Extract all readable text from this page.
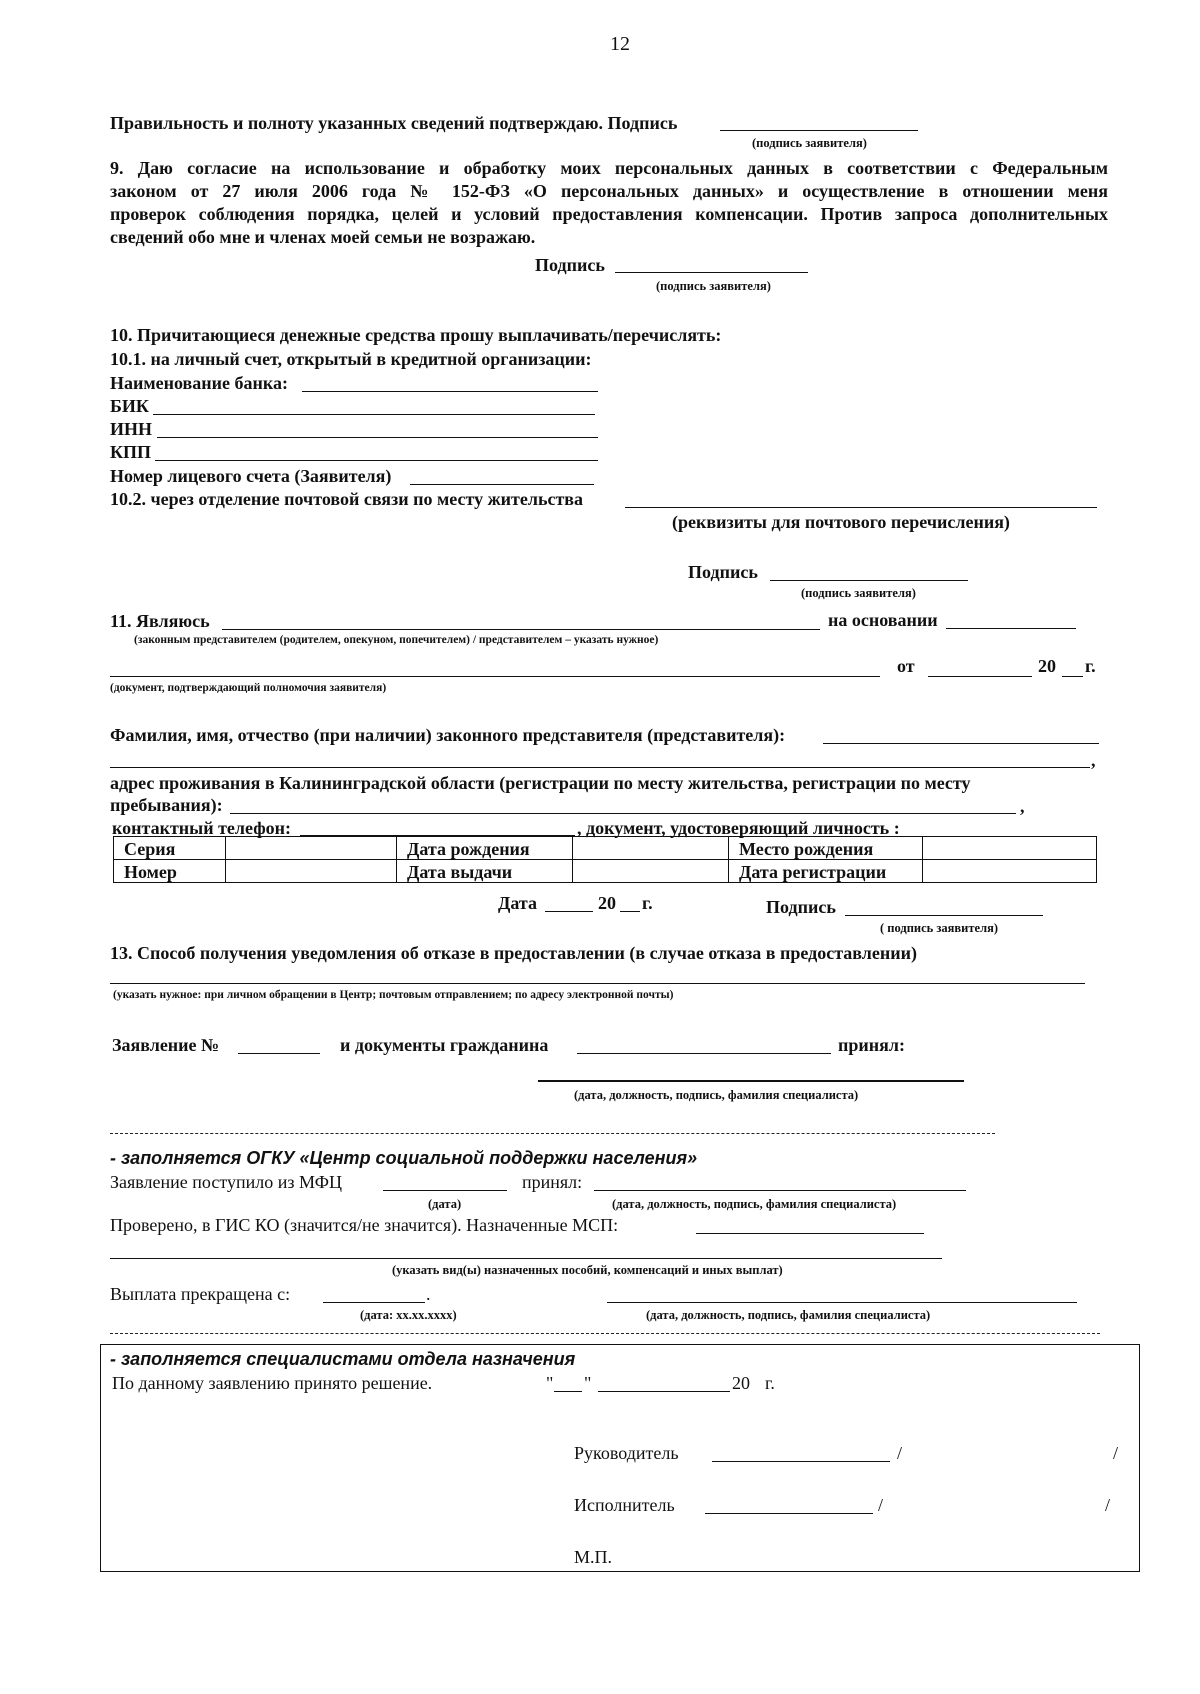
12
Правильность и полноту указанных сведений подтверждаю. Подпись
(подпись заявителя)
9. Даю согласие на использование и обработку моих персональных данных в соответствии с Федеральным
законом от 27 июля 2006 года № 152-ФЗ «О персональных данных» и осуществление в отношении меня
проверок соблюдения порядка, целей и условий предоставления компенсации. Против запроса дополнительных
сведений обо мне и членах моей семьи не возражаю.
Подпись
(подпись заявителя)
10. Причитающиеся денежные средства прошу выплачивать/перечислять:
10.1. на личный счет, открытый в кредитной организации:
Наименование банка:
БИК
ИНН
КПП
Номер лицевого счета (Заявителя)
10.2. через отделение почтовой связи по месту жительства
(реквизиты для почтового перечисления)
Подпись
(подпись заявителя)
11. Являюсь	на основании
(законным представителем (родителем, опекуном, попечителем) / представителем – указать нужное)
от	20 г.
(документ, подтверждающий полномочия заявителя)
Фамилия, имя, отчество (при наличии) законного представителя (представителя):
,
адрес проживания в Калининградской области (регистрации по месту жительства, регистрации по месту
пребывания):	,
контактный телефон:	, документ, удостоверяющий личность :
Серия		Дата рождения		Место рождения	
Номер		Дата выдачи		Дата регистрации	
Дата	20 г.	Подпись
( подпись заявителя)
13. Способ получения уведомления об отказе в предоставлении (в случае отказа в предоставлении)
(указать нужное: при личном обращении в Центр; почтовым отправлением; по адресу электронной почты)
Заявление №	и документы гражданина	принял:
(дата, должность, подпись, фамилия специалиста)
- заполняется ОГКУ «Центр социальной поддержки населения»
Заявление поступило из МФЦ	принял:
(дата)	(дата, должность, подпись, фамилия специалиста)
Проверено, в ГИС КО (значится/не значится). Назначенные МСП:
(указать вид(ы) назначенных пособий, компенсаций и иных выплат)
Выплата прекращена с:	.
(дата: хх.хх.хххх)	(дата, должность, подпись, фамилия специалиста)
- заполняется специалистами отдела назначения
По данному заявлению принято решение.	" "	20 г.
Руководитель	/	/
Исполнитель	/	/
М.П.
